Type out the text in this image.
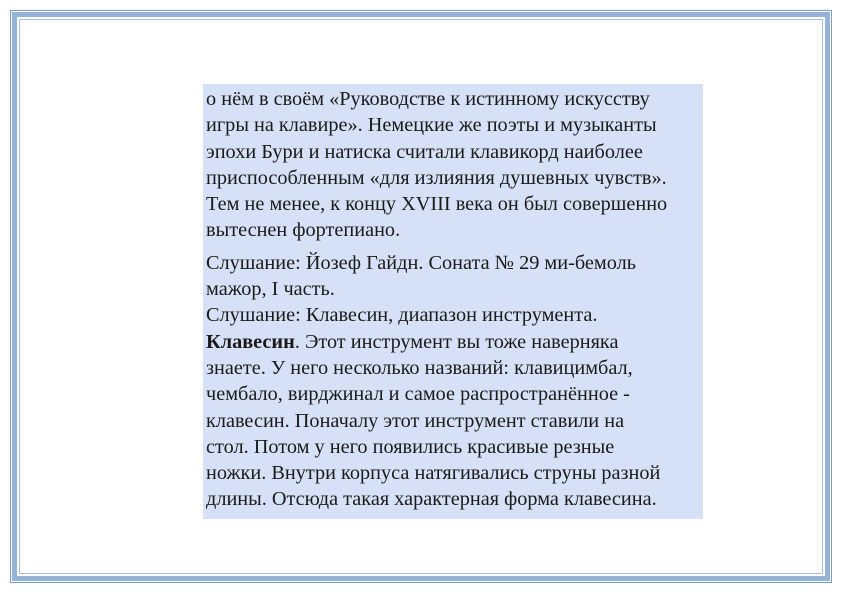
о нём в своём «Руководстве к истинному искусству
игры на клавире». Немецкие же поэты и музыканты
эпохи Бури и натиска считали клавикорд наиболее
приспособленным «для излияния душевных чувств».
Тем не менее, к концу XVIII века он был совершенно
вытеснен фортепиано.

Слушание: Йозеф Гайдн. Соната № 29 ми-бемоль
мажор, I часть.
Слушание: Клавесин, диапазон инструмента.
Клавесин. Этот инструмент вы тоже наверняка
знаете. У него несколько названий: клавицимбал,
чембало, вирджинал и самое распространённое -
клавесин. Поначалу этот инструмент ставили на
стол. Потом у него появились красивые резные
ножки. Внутри корпуса натягивались струны разной
длины. Отсюда такая характерная форма клавесина.
